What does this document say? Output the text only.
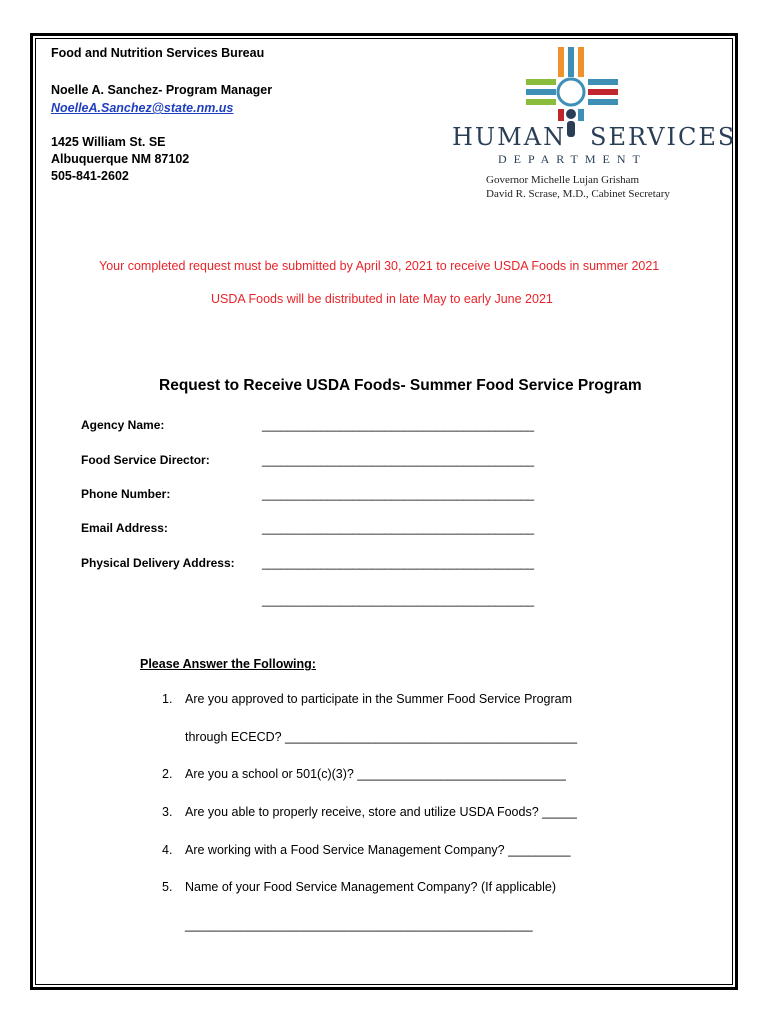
Food and Nutrition Services Bureau
Noelle A. Sanchez- Program Manager
NoelleA.Sanchez@state.nm.us
1425 William St. SE
Albuquerque NM 87102
505-841-2602
HUMAN SERVICES
DEPARTMENT
Governor Michelle Lujan Grisham
David R. Scrase, M.D., Cabinet Secretary
Your completed request must be submitted by April 30, 2021 to receive USDA Foods in summer 2021
USDA Foods will be distributed in late May to early June 2021
Request to Receive USDA Foods- Summer Food Service Program
Agency Name:	__________________________________________
Food Service Director:	__________________________________________
Phone Number:	__________________________________________
Email Address:	__________________________________________
Physical Delivery Address: __________________________________________
__________________________________________
Please Answer the Following:
1. Are you approved to participate in the Summer Food Service Program
through ECECD? __________________________________________
2. Are you a school or 501(c)(3)? ______________________________
3. Are you able to properly receive, store and utilize USDA Foods? _____
4. Are working with a Food Service Management Company? _________
5. Name of your Food Service Management Company? (If applicable)
__________________________________________________
